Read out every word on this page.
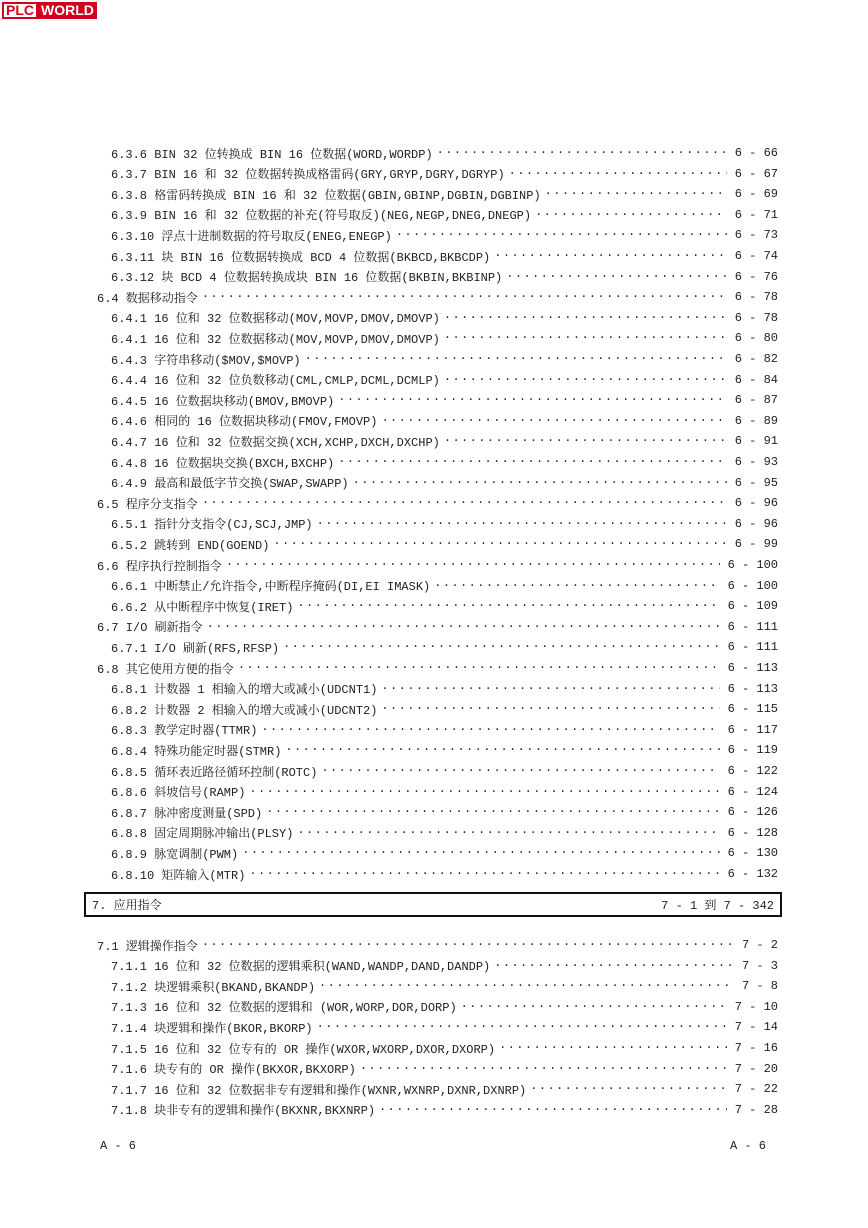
PLC WORLD
6.3.6 BIN 32 位转换成 BIN 16 位数据(WORD,WORDP) .....	6 - 66
6.3.7 BIN 16 和 32 位数据转换成格雷码(GRY,GRYP,DGRY,DGRYP) .....	6 - 67
6.3.8 格雷码转换成 BIN 16 和 32 位数据(GBIN,GBINP,DGBIN,DGBINP) .....	6 - 69
6.3.9 BIN 16 和 32 位数据的补充(符号取反)(NEG,NEGP,DNEG,DNEGP) .....	6 - 71
6.3.10 浮点十进制数据的符号取反(ENEG,ENEGP) .....	6 - 73
6.3.11 块 BIN 16 位数据转换成 BCD 4 位数据(BKBCD,BKBCDP) .....	6 - 74
6.3.12 块 BCD 4 位数据转换成块 BIN 16 位数据(BKBIN,BKBINP) .....	6 - 76
6.4 数据移动指令 .....	6 - 78
6.4.1 16 位和 32 位数据移动(MOV,MOVP,DMOV,DMOVP) .....	6 - 78
6.4.1 16 位和 32 位数据移动(MOV,MOVP,DMOV,DMOVP) .....	6 - 80
6.4.3 字符串移动($MOV,$MOVP) .....	6 - 82
6.4.4 16 位和 32 位负数移动(CML,CMLP,DCML,DCMLP) .....	6 - 84
6.4.5 16 位数据块移动(BMOV,BMOVP) .....	6 - 87
6.4.6 相同的 16 位数据块移动(FMOV,FMOVP) .....	6 - 89
6.4.7 16 位和 32 位数据交换(XCH,XCHP,DXCH,DXCHP) .....	6 - 91
6.4.8 16 位数据块交换(BXCH,BXCHP) .....	6 - 93
6.4.9 最高和最低字节交换(SWAP,SWAPP) .....	6 - 95
6.5 程序分支指令 .....	6 - 96
6.5.1 指针分支指令(CJ,SCJ,JMP) .....	6 - 96
6.5.2 跳转到 END(GOEND) .....	6 - 99
6.6 程序执行控制指令 .....	6 - 100
6.6.1 中断禁止/允许指令,中断程序掩码(DI,EI IMASK) .....	6 - 100
6.6.2 从中断程序中恢复(IRET) .....	6 - 109
6.7 I/O 刷新指令 .....	6 - 111
6.7.1 I/O 刷新(RFS,RFSP) .....	6 - 111
6.8 其它使用方便的指令 .....	6 - 113
6.8.1 计数器 1 相输入的增大或减小(UDCNT1) .....	6 - 113
6.8.2 计数器 2 相输入的增大或减小(UDCNT2) .....	6 - 115
6.8.3 教学定时器(TTMR) .....	6 - 117
6.8.4 特殊功能定时器(STMR) .....	6 - 119
6.8.5 循环表近路径循环控制(ROTC) .....	6 - 122
6.8.6 斜坡信号(RAMP) .....	6 - 124
6.8.7 脉冲密度测量(SPD) .....	6 - 126
6.8.8 固定周期脉冲输出(PLSY) .....	6 - 128
6.8.9 脉宽调制(PWM) .....	6 - 130
6.8.10 矩阵输入(MTR) .....	6 - 132
7. 应用指令	7 - 1 到 7 - 342
7.1 逻辑操作指令 .....	7 - 2
7.1.1 16 位和 32 位数据的逻辑乘积(WAND,WANDP,DAND,DANDP) .....	7 - 3
7.1.2 块逻辑乘积(BKAND,BKANDP) .....	7 - 8
7.1.3 16 位和 32 位数据的逻辑和 (WOR,WORP,DOR,DORP) .....	7 - 10
7.1.4 块逻辑和操作(BKOR,BKORP) .....	7 - 14
7.1.5 16 位和 32 位专有的 OR 操作(WXOR,WXORP,DXOR,DXORP) .....	7 - 16
7.1.6 块专有的 OR 操作(BKXOR,BKXORP) .....	7 - 20
7.1.7 16 位和 32 位数据非专有逻辑和操作(WXNR,WXNRP,DXNR,DXNRP) .....	7 - 22
7.1.8 块非专有的逻辑和操作(BKXNR,BKXNRP) .....	7 - 28
A - 6	A - 6
